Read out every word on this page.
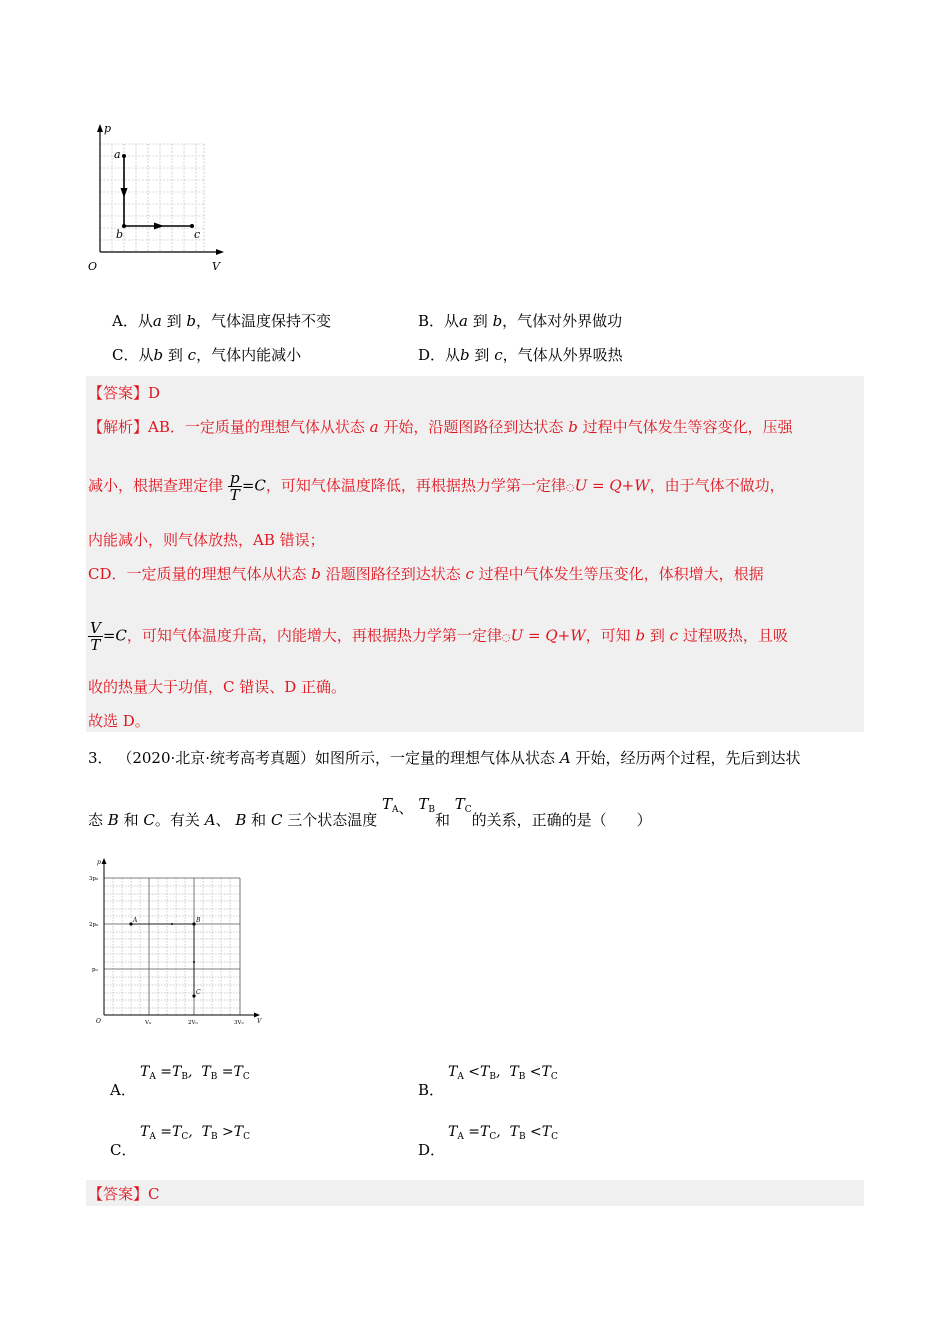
p
V
O
a
b	c
A．从a 到 b，气体温度保持不变	B．从a 到 b，气体对外界做功
C．从b 到 c，气体内能减小	D．从b 到 c，气体从外界吸热
【答案】D
【解析】AB．一定质量的理想气体从状态 a 开始，沿题图路径到达状态 b 过程中气体发生等容变化，压强
减小，根据查理定律 $\frac{p}{T} =C$，可知气体温度降低，再根据热力学第一定律◌U = Q+W，由于气体不做功，
内能减小，则气体放热，AB 错误；
CD．一定质量的理想气体从状态 b 沿题图路径到达状态 c 过程中气体发生等压变化，体积增大，根据
$\frac{V}{T} =C$，可知气体温度升高，内能增大，再根据热力学第一定律◌U = Q+W，可知 b 到 c 过程吸热，且吸
收的热量大于功值，C 错误、D 正确。
故选 D。
3． （2020·北京·统考高考真题）如图所示，一定量的理想气体从状态 A 开始，经历两个过程，先后到达状
态 B 和 C。有关 A、 B 和 C 三个状态温度 $T_A$、 $T_B$和 $T_C$的关系，正确的是（　　）
p
V
O
3p₀
2p₀
p₀
V₀	2V₀	3V₀
A	B
C
A．
$T_A =T_B$,  $T_B =T_C$
B．
$T_A <T_B$,  $T_B <T_C$
C．
$T_A =T_C$,  $T_B >T_C$
D．
$T_A =T_C$,  $T_B <T_C$
【答案】C
